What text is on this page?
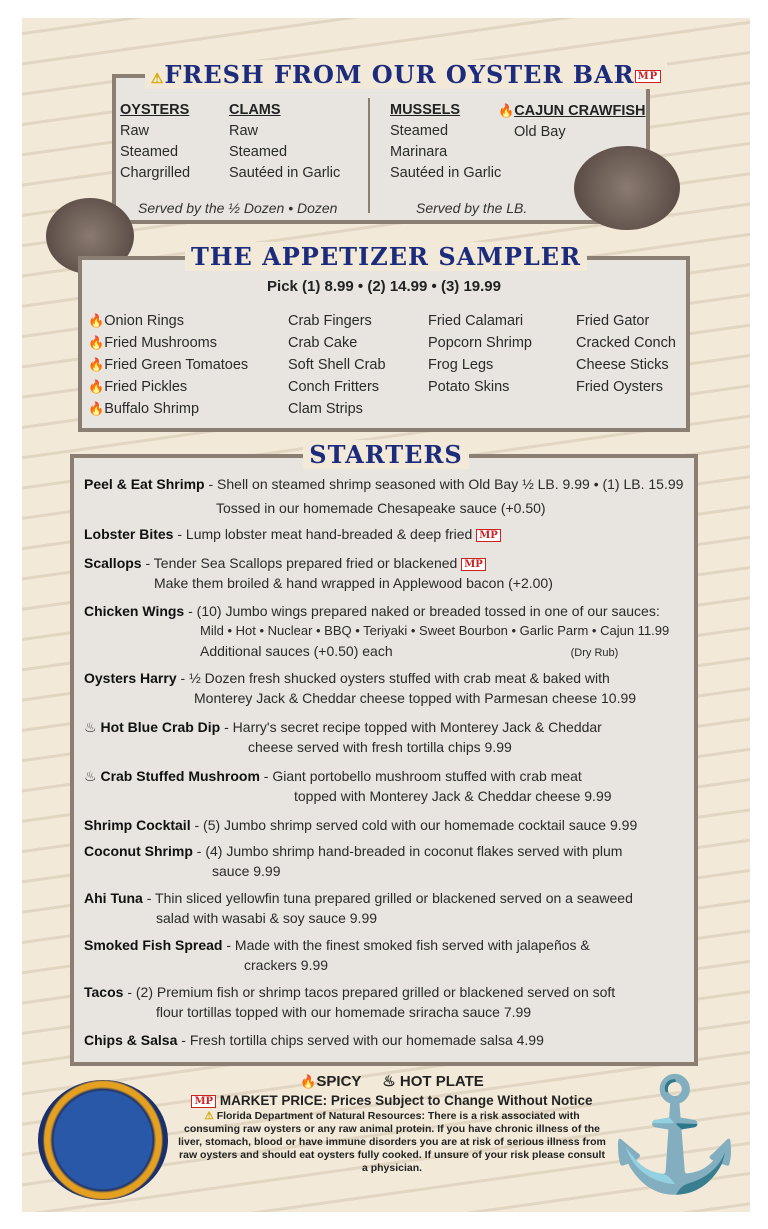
OYSTERS
Raw
Steamed
Chargrilled
CLAMS
Raw
Steamed
Sautéed in Garlic
MUSSELS
Steamed
Marinara
Sautéed in Garlic
🔥CAJUN CRAWFISH
Old Bay
Served by the ½ Dozen • Dozen	Served by the LB.
⚠FRESH FROM OUR OYSTER BAR MP
Pick (1) 8.99 • (2) 14.99 • (3) 19.99
🔥Onion Rings
🔥Fried Mushrooms
🔥Fried Green Tomatoes
🔥Fried Pickles
🔥Buffalo Shrimp
Crab Fingers
Crab Cake
Soft Shell Crab
Conch Fritters
Clam Strips
Fried Calamari
Popcorn Shrimp
Frog Legs
Potato Skins
Fried Gator
Cracked Conch
Cheese Sticks
Fried Oysters
THE APPETIZER SAMPLER
Peel & Eat Shrimp - Shell on steamed shrimp seasoned with Old Bay ½ LB. 9.99 • (1) LB. 15.99
Tossed in our homemade Chesapeake sauce (+0.50)
Lobster Bites - Lump lobster meat hand-breaded & deep fried MP
Scallops - Tender Sea Scallops prepared fried or blackened MP
Make them broiled & hand wrapped in Applewood bacon (+2.00)
Chicken Wings - (10) Jumbo wings prepared naked or breaded tossed in one of our sauces:
Mild • Hot • Nuclear • BBQ • Teriyaki • Sweet Bourbon • Garlic Parm • Cajun 11.99
Additional sauces (+0.50) each	(Dry Rub)
Oysters Harry - ½ Dozen fresh shucked oysters stuffed with crab meat & baked with
Monterey Jack & Cheddar cheese topped with Parmesan cheese 10.99
♨ Hot Blue Crab Dip - Harry's secret recipe topped with Monterey Jack & Cheddar
cheese served with fresh tortilla chips 9.99
♨ Crab Stuffed Mushroom - Giant portobello mushroom stuffed with crab meat
topped with Monterey Jack & Cheddar cheese 9.99
Shrimp Cocktail - (5) Jumbo shrimp served cold with our homemade cocktail sauce 9.99
Coconut Shrimp - (4) Jumbo shrimp hand-breaded in coconut flakes served with plum
sauce 9.99
Ahi Tuna - Thin sliced yellowfin tuna prepared grilled or blackened served on a seaweed
salad with wasabi & soy sauce 9.99
Smoked Fish Spread - Made with the finest smoked fish served with jalapeños &
crackers 9.99
Tacos - (2) Premium fish or shrimp tacos prepared grilled or blackened served on soft
flour tortillas topped with our homemade sriracha sauce 7.99
Chips & Salsa - Fresh tortilla chips served with our homemade salsa 4.99
STARTERS
⚓
🔥SPICY ♨ HOT PLATE
MP MARKET PRICE: Prices Subject to Change Without Notice
⚠ Florida Department of Natural Resources: There is a risk associated with consuming raw oysters or any raw animal protein. If you have chronic illness of the liver, stomach, blood or have immune disorders you are at risk of serious illness from raw oysters and should eat oysters fully cooked. If unsure of your risk please consult a physician.
